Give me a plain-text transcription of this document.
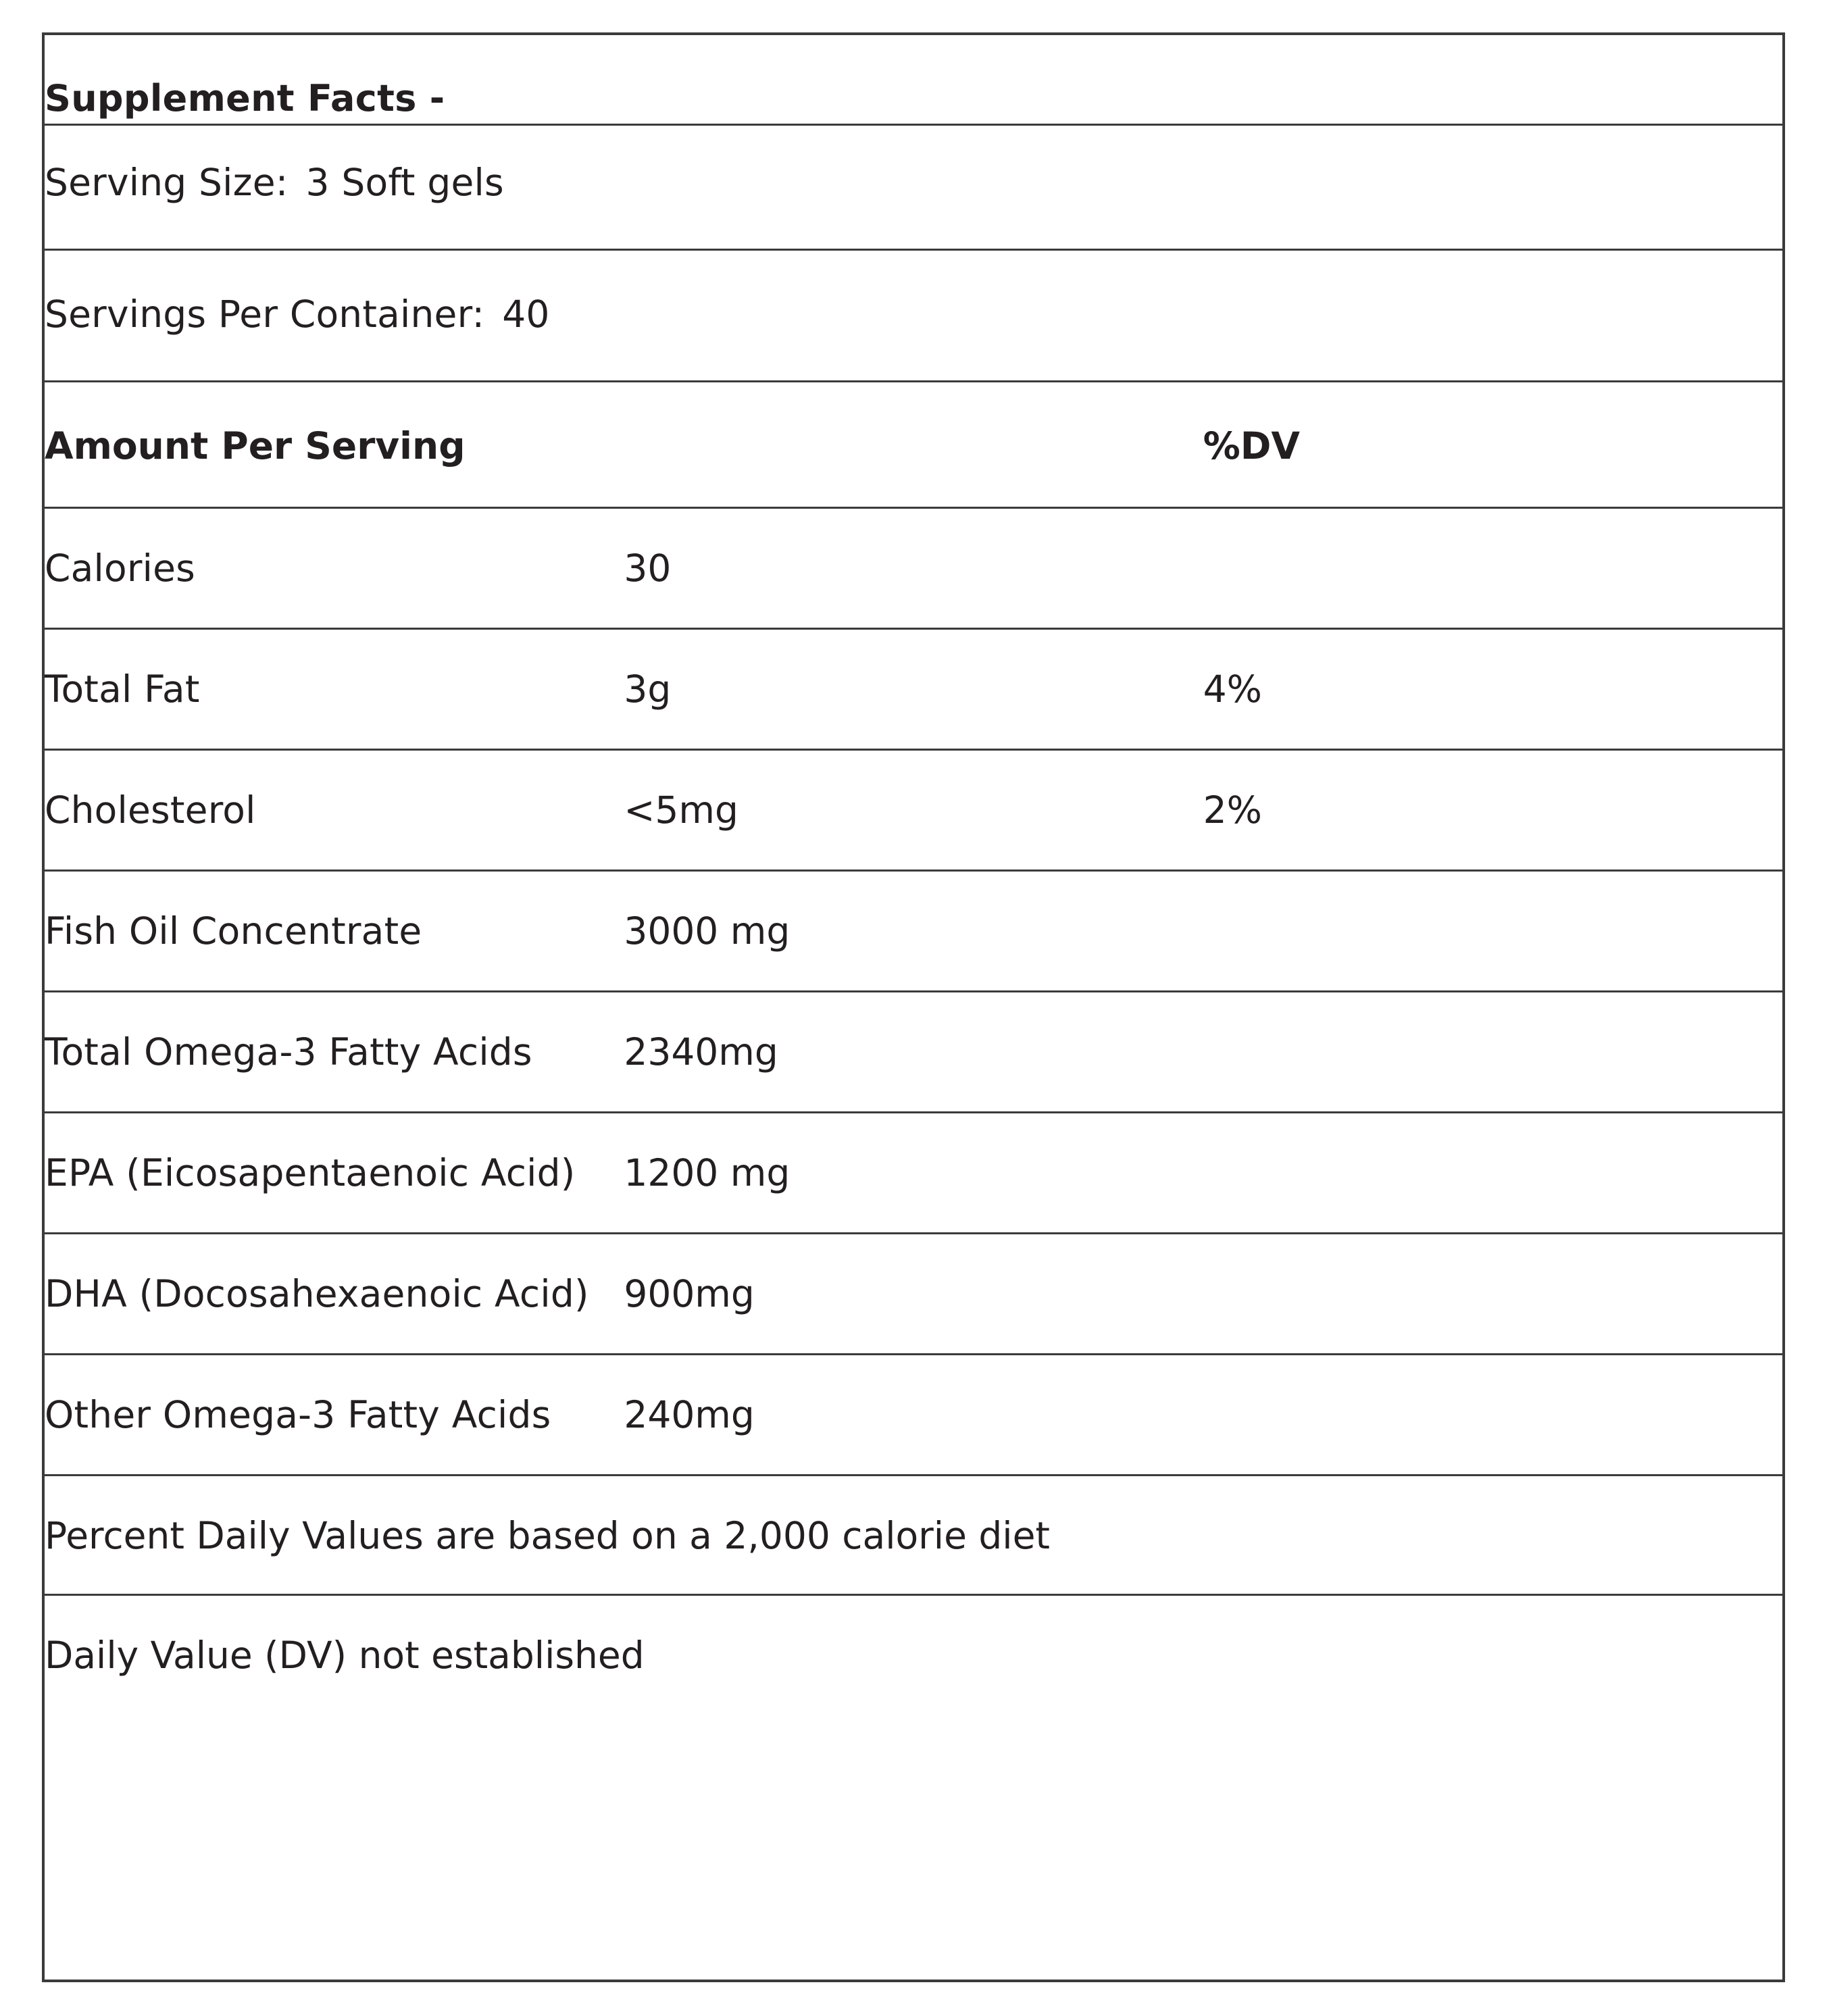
Supplement Facts -		
Serving Size: 3 Soft gels		
Servings Per Container: 40		
Amount Per Serving		%DV
Calories	30	
Total Fat	3g	4%
Cholesterol	<5mg	2%
Fish Oil Concentrate	3000 mg	
Total Omega-3 Fatty Acids	2340mg	
EPA (Eicosapentaenoic Acid)	1200 mg	
DHA (Docosahexaenoic Acid)	900mg	
Other Omega-3 Fatty Acids	240mg	
Percent Daily Values are based on a 2,000 calorie diet		
Daily Value (DV) not established		
